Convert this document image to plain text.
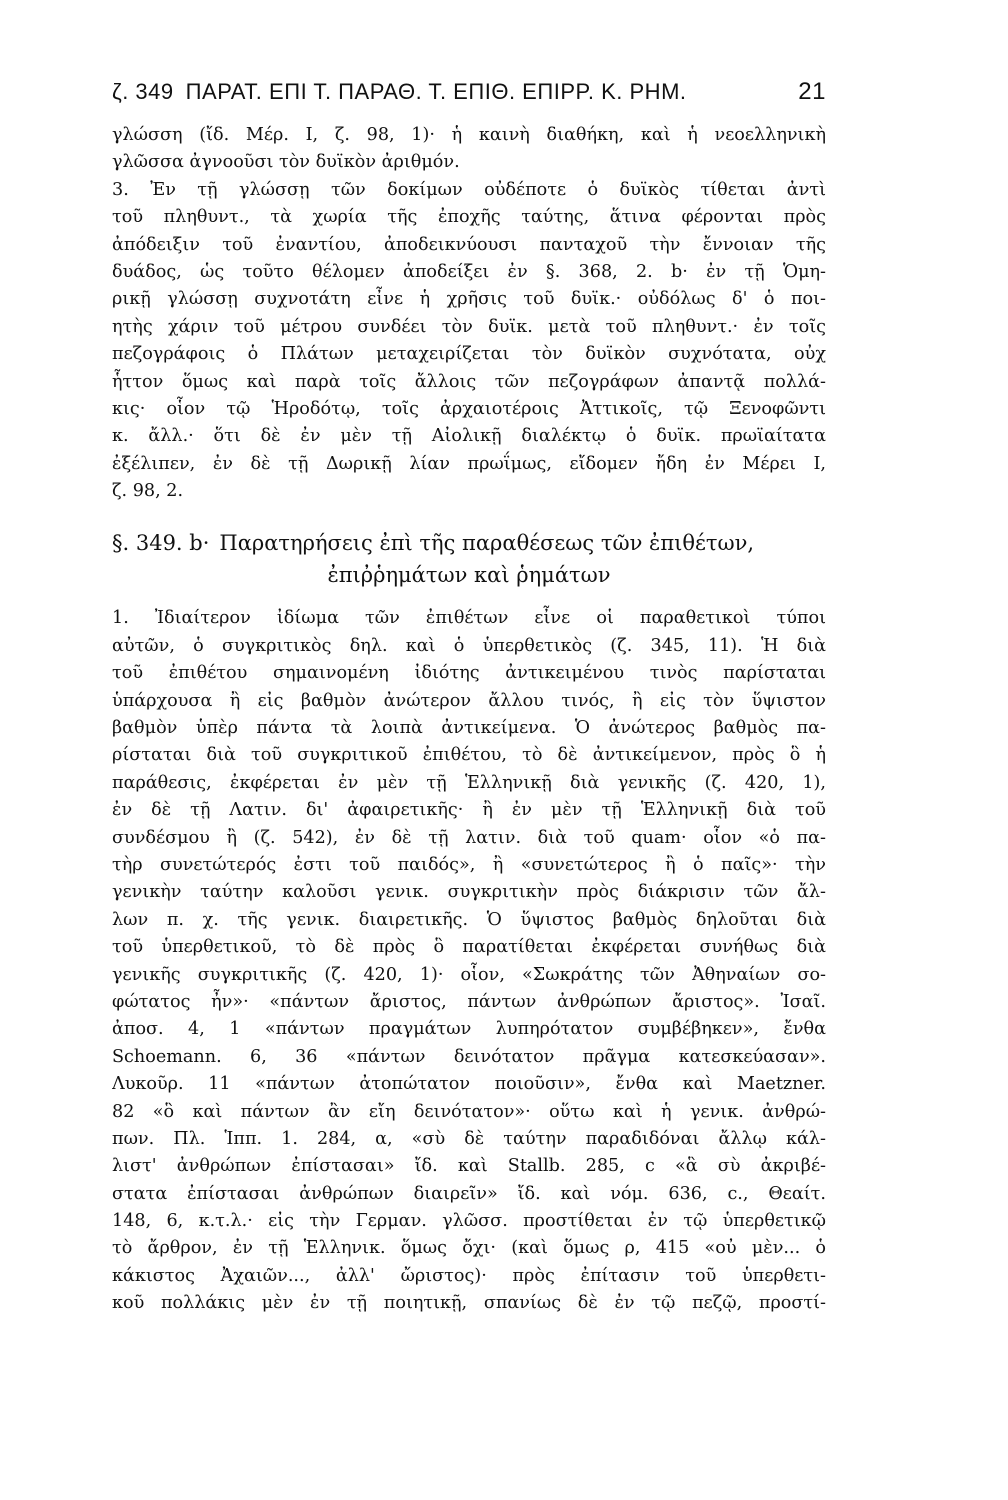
ζ. 349 ΠΑΡΑΤ. ΕΠΙ Τ. ΠΑΡΑΘ. Τ. ΕΠΙΘ. ΕΠΙΡΡ. Κ. ΡΗΜ.	21
γλώσση (ἴδ. Μέρ. Ι, ζ. 98, 1)· ἡ καινὴ διαθήκη, καὶ ἡ νεοελληνικὴ
γλῶσσα ἀγνοοῦσι τὸν δυϊκὸν ἀριθμόν.
3. Ἐν τῇ γλώσσῃ τῶν δοκίμων οὐδέποτε ὁ δυϊκὸς τίθεται ἀντὶ
τοῦ πληθυντ., τὰ χωρία τῆς ἐποχῆς ταύτης, ἅτινα φέρονται πρὸς
ἀπόδειξιν τοῦ ἐναντίου, ἀποδεικνύουσι πανταχοῦ τὴν ἔννοιαν τῆς
δυάδος, ὡς τοῦτο θέλομεν ἀποδείξει ἐν §. 368, 2. b· ἐν τῇ Ὁμη-
ρικῇ γλώσσῃ συχνοτάτη εἶνε ἡ χρῆσις τοῦ δυϊκ.· οὐδόλως δ' ὁ ποι-
ητὴς χάριν τοῦ μέτρου συνδέει τὸν δυϊκ. μετὰ τοῦ πληθυντ.· ἐν τοῖς
πεζογράφοις ὁ Πλάτων μεταχειρίζεται τὸν δυϊκὸν συχνότατα, οὐχ
ἧττον ὅμως καὶ παρὰ τοῖς ἄλλοις τῶν πεζογράφων ἀπαντᾷ πολλά-
κις· οἷον τῷ Ἡροδότῳ, τοῖς ἀρχαιοτέροις Ἀττικοῖς, τῷ Ξενοφῶντι
κ. ἄλλ.· ὅτι δὲ ἐν μὲν τῇ Αἰολικῇ διαλέκτῳ ὁ δυϊκ. πρωϊαίτατα
ἐξέλιπεν, ἐν δὲ τῇ Δωρικῇ λίαν πρωΐμως, εἴδομεν ἤδη ἐν Μέρει Ι,
ζ. 98, 2.
§. 349. b· Παρατηρήσεις ἐπὶ τῆς παραθέσεως τῶν ἐπιθέτων,
ἐπιῤῥημάτων καὶ ῥημάτων
1. Ἰδιαίτερον ἰδίωμα τῶν ἐπιθέτων εἶνε οἱ παραθετικοὶ τύποι
αὐτῶν, ὁ συγκριτικὸς δηλ. καὶ ὁ ὑπερθετικὸς (ζ. 345, 11). Ἡ διὰ
τοῦ ἐπιθέτου σημαινομένη ἰδιότης ἀντικειμένου τινὸς παρίσταται
ὑπάρχουσα ἢ εἰς βαθμὸν ἀνώτερον ἄλλου τινός, ἢ εἰς τὸν ὕψιστον
βαθμὸν ὑπὲρ πάντα τὰ λοιπὰ ἀντικείμενα. Ὁ ἀνώτερος βαθμὸς πα-
ρίσταται διὰ τοῦ συγκριτικοῦ ἐπιθέτου, τὸ δὲ ἀντικείμενον, πρὸς ὃ ἡ
παράθεσις, ἐκφέρεται ἐν μὲν τῇ Ἑλληνικῇ διὰ γενικῆς (ζ. 420, 1),
ἐν δὲ τῇ Λατιν. δι' ἀφαιρετικῆς· ἢ ἐν μὲν τῇ Ἑλληνικῇ διὰ τοῦ
συνδέσμου ἢ (ζ. 542), ἐν δὲ τῇ λατιν. διὰ τοῦ quam· οἷον «ὁ πα-
τὴρ συνετώτερός ἐστι τοῦ παιδός», ἢ «συνετώτερος ἢ ὁ παῖς»· τὴν
γενικὴν ταύτην καλοῦσι γενικ. συγκριτικὴν πρὸς διάκρισιν τῶν ἄλ-
λων π. χ. τῆς γενικ. διαιρετικῆς. Ὁ ὕψιστος βαθμὸς δηλοῦται διὰ
τοῦ ὑπερθετικοῦ, τὸ δὲ πρὸς ὃ παρατίθεται ἐκφέρεται συνήθως διὰ
γενικῆς συγκριτικῆς (ζ. 420, 1)· οἷον, «Σωκράτης τῶν Ἀθηναίων σο-
φώτατος ἦν»· «πάντων ἄριστος, πάντων ἀνθρώπων ἄριστος». Ἰσαῖ.
ἀποσ. 4, 1 «πάντων πραγμάτων λυπηρότατον συμβέβηκεν», ἔνθα
Schoemann. 6, 36 «πάντων δεινότατον πρᾶγμα κατεσκεύασαν».
Λυκοῦρ. 11 «πάντων ἀτοπώτατον ποιοῦσιν», ἔνθα καὶ Maetzner.
82 «ὃ καὶ πάντων ἂν εἴη δεινότατον»· οὕτω καὶ ἡ γενικ. ἀνθρώ-
πων. Πλ. Ἱππ. 1. 284, α, «σὺ δὲ ταύτην παραδιδόναι ἄλλῳ κάλ-
λιστ' ἀνθρώπων ἐπίστασαι» ἴδ. καὶ Stallb. 285, c «ἃ σὺ ἀκριβέ-
στατα ἐπίστασαι ἀνθρώπων διαιρεῖν» ἴδ. καὶ νόμ. 636, c., Θεαίτ.
148, 6, κ.τ.λ.· εἰς τὴν Γερμαν. γλῶσσ. προστίθεται ἐν τῷ ὑπερθετικῷ
τὸ ἄρθρον, ἐν τῇ Ἑλληνικ. ὅμως ὄχι· (καὶ ὅμως ρ, 415 «οὐ μὲν... ὁ
κάκιστος Ἀχαιῶν..., ἀλλ' ὤριστος)· πρὸς ἐπίτασιν τοῦ ὑπερθετι-
κοῦ πολλάκις μὲν ἐν τῇ ποιητικῇ, σπανίως δὲ ἐν τῷ πεζῷ, προστί-
